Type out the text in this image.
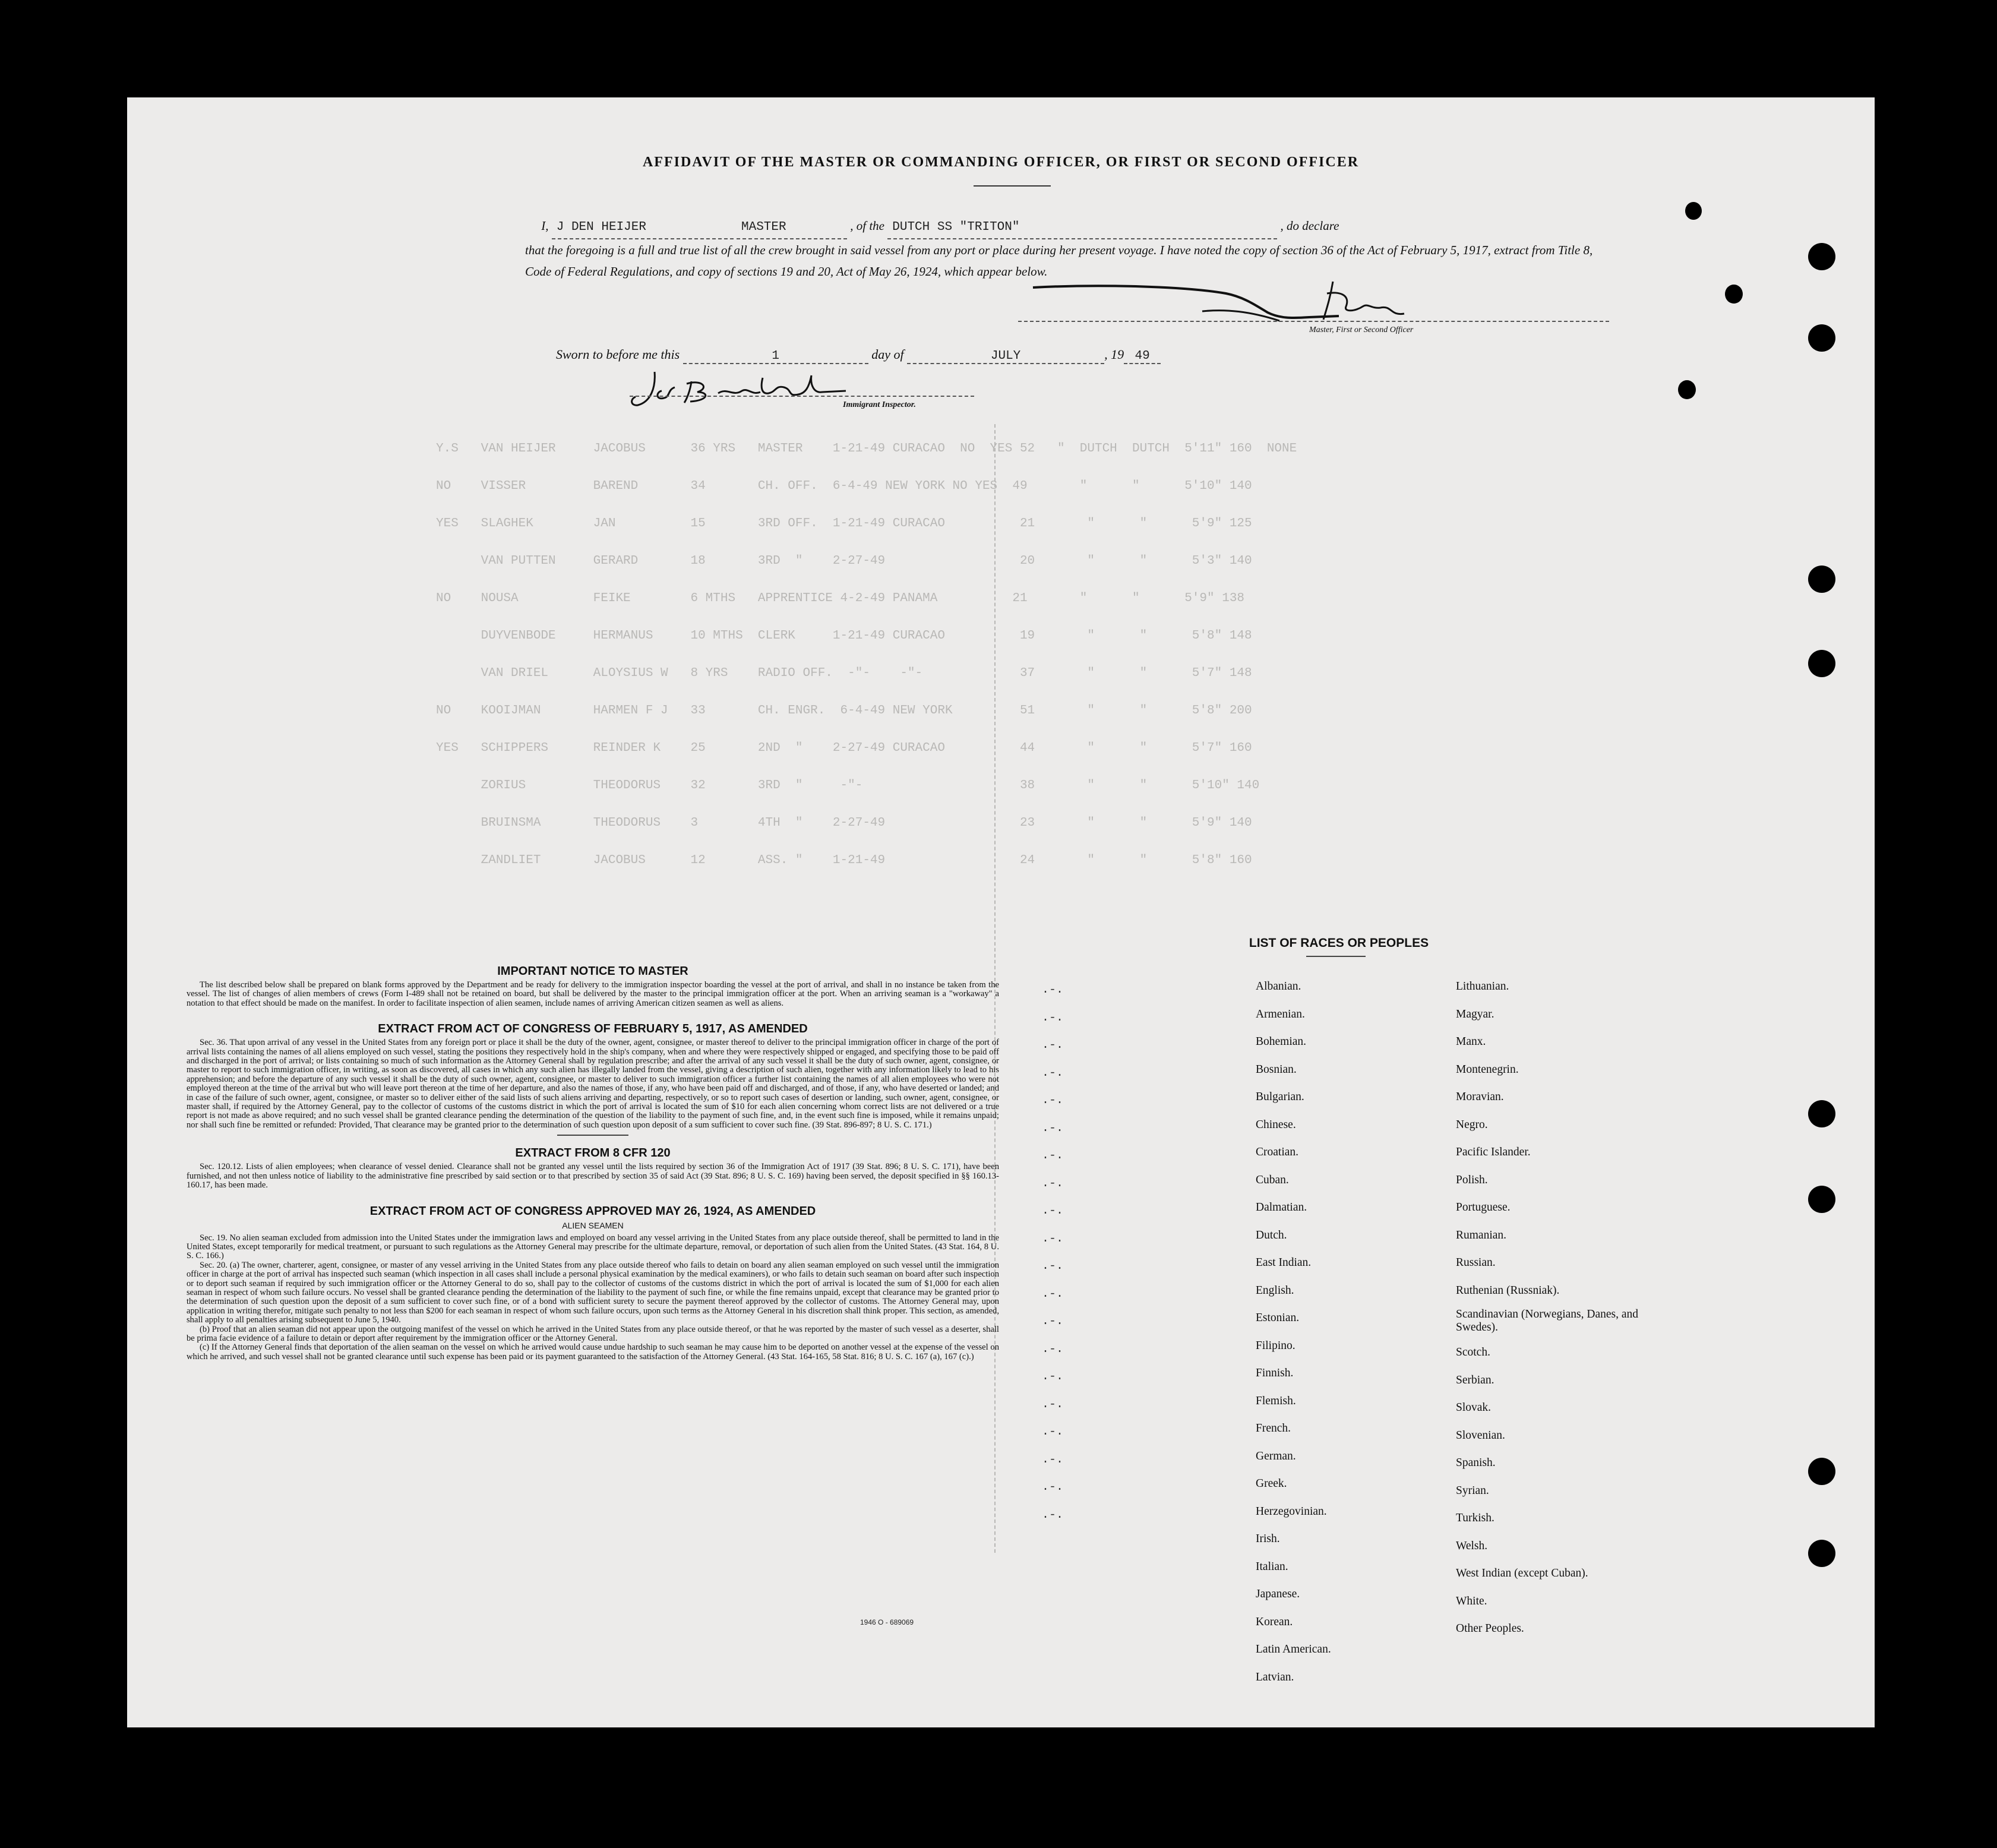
Y.S   VAN HEIJER     JACOBUS      36 YRS   MASTER    1-21-49 CURACAO  NO  YES 52   "  DUTCH  DUTCH  5'11" 160  NONE
NO    VISSER         BAREND       34       CH. OFF.  6-4-49 NEW YORK NO YES  49       "      "      5'10" 140
YES   SLAGHEK        JAN          15       3RD OFF.  1-21-49 CURACAO          21       "      "      5'9" 125
VAN PUTTEN     GERARD       18       3RD  "    2-27-49                  20       "      "      5'3" 140
NO    NOUSA          FEIKE        6 MTHS   APPRENTICE 4-2-49 PANAMA          21       "      "      5'9" 138
DUYVENBODE     HERMANUS     10 MTHS  CLERK     1-21-49 CURACAO          19       "      "      5'8" 148
VAN DRIEL      ALOYSIUS W   8 YRS    RADIO OFF.  -"-    -"-             37       "      "      5'7" 148
NO    KOOIJMAN       HARMEN F J   33       CH. ENGR.  6-4-49 NEW YORK         51       "      "      5'8" 200
YES   SCHIPPERS      REINDER K    25       2ND  "    2-27-49 CURACAO          44       "      "      5'7" 160
ZORIUS         THEODORUS    32       3RD  "     -"-                     38       "      "      5'10" 140
BRUINSMA       THEODORUS    3        4TH  "    2-27-49                  23       "      "      5'9" 140
ZANDLIET       JACOBUS      12       ASS. "    1-21-49                  24       "      "      5'8" 160
AFFIDAVIT OF THE MASTER OR COMMANDING OFFICER, OR FIRST OR SECOND OFFICER
I, J DEN HEIJER	MASTER	, of the DUTCH SS "TRITON"	, do declare that the foregoing is a full and true list of all the crew brought in said vessel from any port or place during her present voyage. I have noted the copy of section 36 of the Act of February 5, 1917, extract from Title 8, Code of Federal Regulations, and copy of sections 19 and 20, Act of May 26, 1924, which appear below.
Master, First or Second Officer
Sworn to before me this	1	day of	JULY	, 19 49
Immigrant Inspector.
IMPORTANT NOTICE TO MASTER

The list described below shall be prepared on blank forms approved by the Department and be ready for delivery to the immigration inspector boarding the vessel at the port of arrival, and shall in no instance be taken from the vessel. The list of changes of alien members of crews (Form I-489 shall not be retained on board, but shall be delivered by the master to the principal immigration officer at the port. When an arriving seaman is a "workaway" a notation to that effect should be made on the manifest. In order to facilitate inspection of alien seamen, include names of arriving American citizen seamen as well as aliens.

EXTRACT FROM ACT OF CONGRESS OF FEBRUARY 5, 1917, AS AMENDED

Sec. 36. That upon arrival of any vessel in the United States from any foreign port or place it shall be the duty of the owner, agent, consignee, or master thereof to deliver to the principal immigration officer in charge of the port of arrival lists containing the names of all aliens employed on such vessel, stating the positions they respectively hold in the ship's company, when and where they were respectively shipped or engaged, and specifying those to be paid off and discharged in the port of arrival; or lists containing so much of such information as the Attorney General shall by regulation prescribe; and after the arrival of any such vessel it shall be the duty of such owner, agent, consignee, or master to report to such immigration officer, in writing, as soon as discovered, all cases in which any such alien has illegally landed from the vessel, giving a description of such alien, together with any information likely to lead to his apprehension; and before the departure of any such vessel it shall be the duty of such owner, agent, consignee, or master to deliver to such immigration officer a further list containing the names of all alien employees who were not employed thereon at the time of the arrival but who will leave port thereon at the time of her departure, and also the names of those, if any, who have been paid off and discharged, and of those, if any, who have deserted or landed; and in case of the failure of such owner, agent, consignee, or master so to deliver either of the said lists of such aliens arriving and departing, respectively, or so to report such cases of desertion or landing, such owner, agent, consignee, or master shall, if required by the Attorney General, pay to the collector of customs of the customs district in which the port of arrival is located the sum of $10 for each alien concerning whom correct lists are not delivered or a true report is not made as above required; and no such vessel shall be granted clearance pending the determination of the question of the liability to the payment of such fine, and, in the event such fine is imposed, while it remains unpaid; nor shall such fine be remitted or refunded: Provided, That clearance may be granted prior to the determination of such question upon deposit of a sum sufficient to cover such fine. (39 Stat. 896-897; 8 U. S. C. 171.)

EXTRACT FROM 8 CFR 120

Sec. 120.12. Lists of alien employees; when clearance of vessel denied. Clearance shall not be granted any vessel until the lists required by section 36 of the Immigration Act of 1917 (39 Stat. 896; 8 U. S. C. 171), have been furnished, and not then unless notice of liability to the administrative fine prescribed by said section or to that prescribed by section 35 of said Act (39 Stat. 896; 8 U. S. C. 169) having been served, the deposit specified in §§ 160.13-160.17, has been made.

EXTRACT FROM ACT OF CONGRESS APPROVED MAY 26, 1924, AS AMENDED
ALIEN SEAMEN

Sec. 19. No alien seaman excluded from admission into the United States under the immigration laws and employed on board any vessel arriving in the United States from any place outside thereof, shall be permitted to land in the United States, except temporarily for medical treatment, or pursuant to such regulations as the Attorney General may prescribe for the ultimate departure, removal, or deportation of such alien from the United States. (43 Stat. 164, 8 U. S. C. 166.)

Sec. 20. (a) The owner, charterer, agent, consignee, or master of any vessel arriving in the United States from any place outside thereof who fails to detain on board any alien seaman employed on such vessel until the immigration officer in charge at the port of arrival has inspected such seaman (which inspection in all cases shall include a personal physical examination by the medical examiners), or who fails to detain such seaman on board after such inspection or to deport such seaman if required by such immigration officer or the Attorney General to do so, shall pay to the collector of customs of the customs district in which the port of arrival is located the sum of $1,000 for each alien seaman in respect of whom such failure occurs. No vessel shall be granted clearance pending the determination of the liability to the payment of such fine, or while the fine remains unpaid, except that clearance may be granted prior to the determination of such question upon the deposit of a sum sufficient to cover such fine, or of a bond with sufficient surety to secure the payment thereof approved by the collector of customs. The Attorney General may, upon application in writing therefor, mitigate such penalty to not less than $200 for each seaman in respect of whom such failure occurs, upon such terms as the Attorney General in his discretion shall think proper. This section, as amended, shall apply to all penalties arising subsequent to June 5, 1940.

(b) Proof that an alien seaman did not appear upon the outgoing manifest of the vessel on which he arrived in the United States from any place outside thereof, or that he was reported by the master of such vessel as a deserter, shall be prima facie evidence of a failure to detain or deport after requirement by the immigration officer or the Attorney General.

(c) If the Attorney General finds that deportation of the alien seaman on the vessel on which he arrived would cause undue hardship to such seaman he may cause him to be deported on another vessel at the expense of the vessel on which he arrived, and such vessel shall not be granted clearance until such expense has been paid or its payment guaranteed to the satisfaction of the Attorney General. (43 Stat. 164-165, 58 Stat. 816; 8 U. S. C. 167 (a), 167 (c).)

1946 O - 689069
LIST OF RACES OR PEOPLES
Albanian.
Armenian.
Bohemian.
Bosnian.
Bulgarian.
Chinese.
Croatian.
Cuban.
Dalmatian.
Dutch.
East Indian.
English.
Estonian.
Filipino.
Finnish.
Flemish.
French.
German.
Greek.
Herzegovinian.
Irish.
Italian.
Japanese.
Korean.
Latin American.
Latvian.
Lithuanian.
Magyar.
Manx.
Montenegrin.
Moravian.
Negro.
Pacific Islander.
Polish.
Portuguese.
Rumanian.
Russian.
Ruthenian (Russniak).
Scandinavian (Norwegians, Danes, and Swedes).
Scotch.
Serbian.
Slovak.
Slovenian.
Spanish.
Syrian.
Turkish.
Welsh.
West Indian (except Cuban).
White.
Other Peoples.
.-.
.-.
.-.
.-.
.-.
.-.
.-.
.-.
.-.
.-.
.-.
.-.
.-.
.-.
.-.
.-.
.-.
.-.
.-.
.-.
